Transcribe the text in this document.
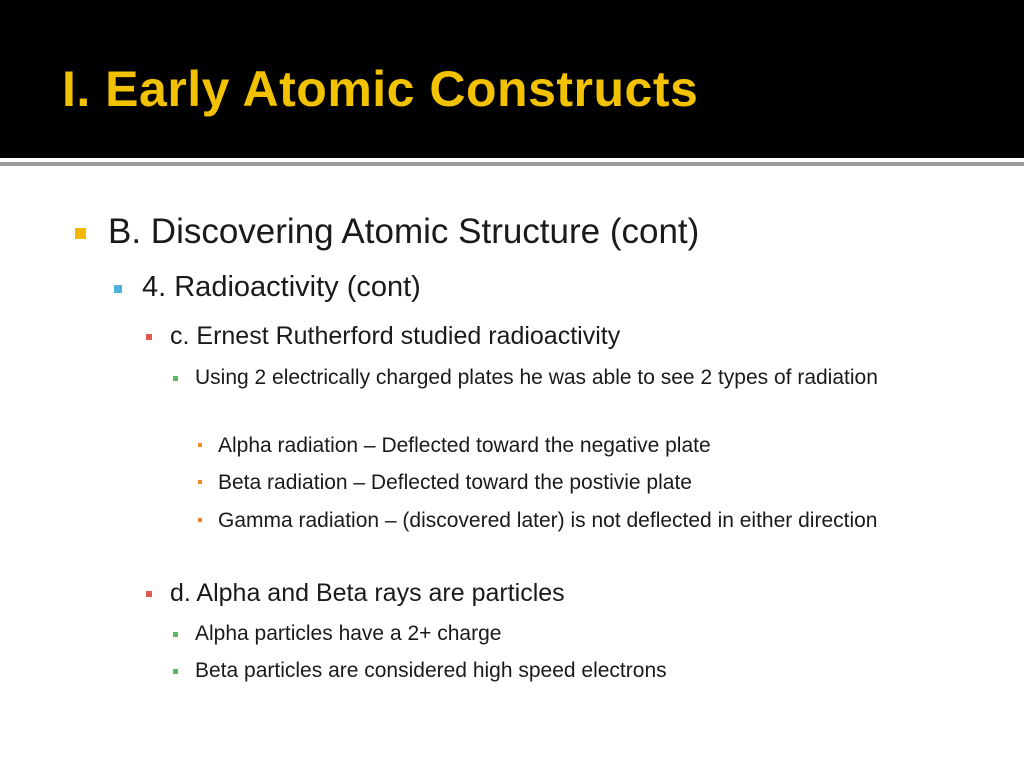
I. Early Atomic Constructs
B. Discovering Atomic Structure (cont)
4. Radioactivity (cont)
c. Ernest Rutherford studied radioactivity
Using 2 electrically charged plates he was able to see 2 types of radiation
Alpha radiation – Deflected toward the negative plate
Beta radiation – Deflected toward the postivie plate
Gamma radiation – (discovered later) is not deflected in either direction
d. Alpha and Beta rays are particles
Alpha particles have a 2+ charge
Beta particles are considered high speed electrons
